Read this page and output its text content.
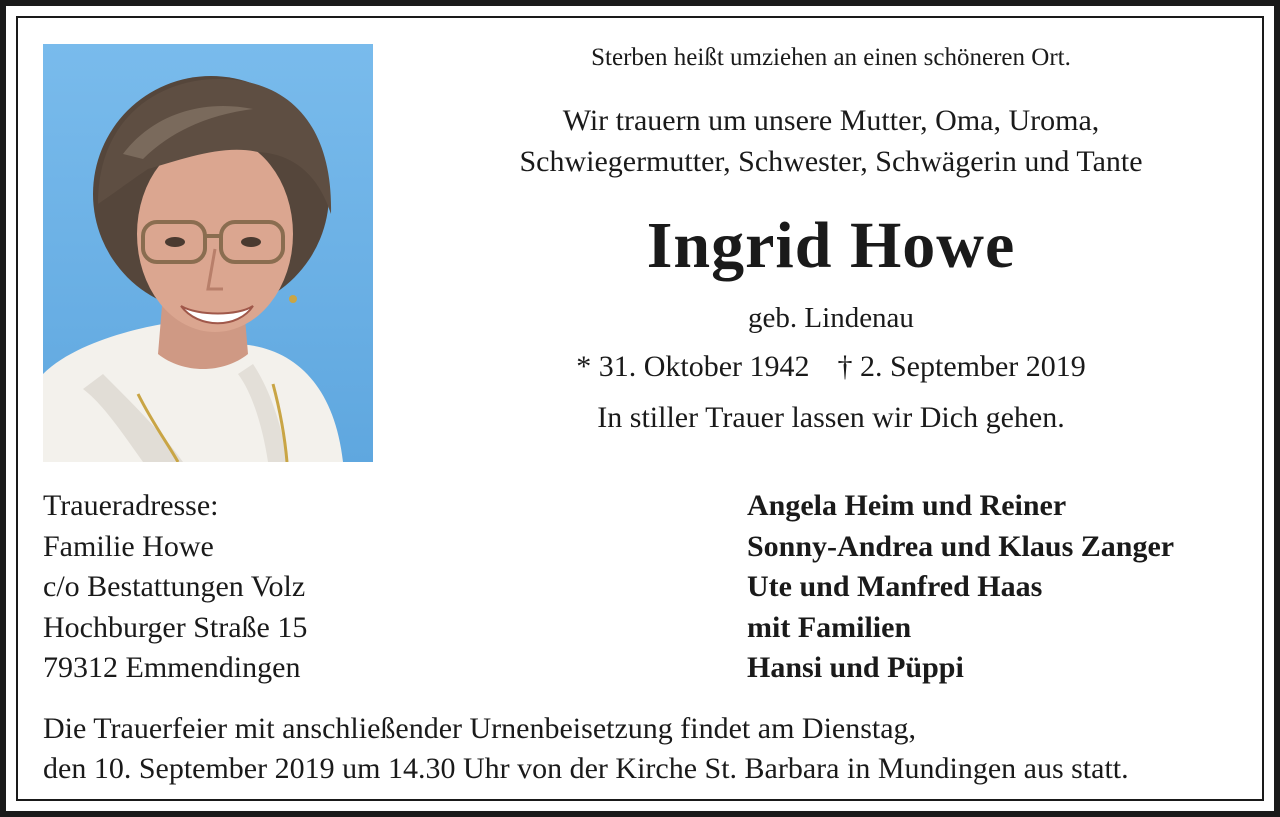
Sterben heißt umziehen an einen schöneren Ort.
Wir trauern um unsere Mutter, Oma, Uroma,
Schwiegermutter, Schwester, Schwägerin und Tante
Ingrid Howe
geb. Lindenau
* 31. Oktober 1942 † 2. September 2019
In stiller Trauer lassen wir Dich gehen.
Traueradresse:
Familie Howe
c/o Bestattungen Volz
Hochburger Straße 15
79312 Emmendingen
Angela Heim und Reiner
Sonny-Andrea und Klaus Zanger
Ute und Manfred Haas
mit Familien
Hansi und Püppi
Die Trauerfeier mit anschließender Urnenbeisetzung findet am Dienstag,
den 10. September 2019 um 14.30 Uhr von der Kirche St. Barbara in Mundingen aus statt.
